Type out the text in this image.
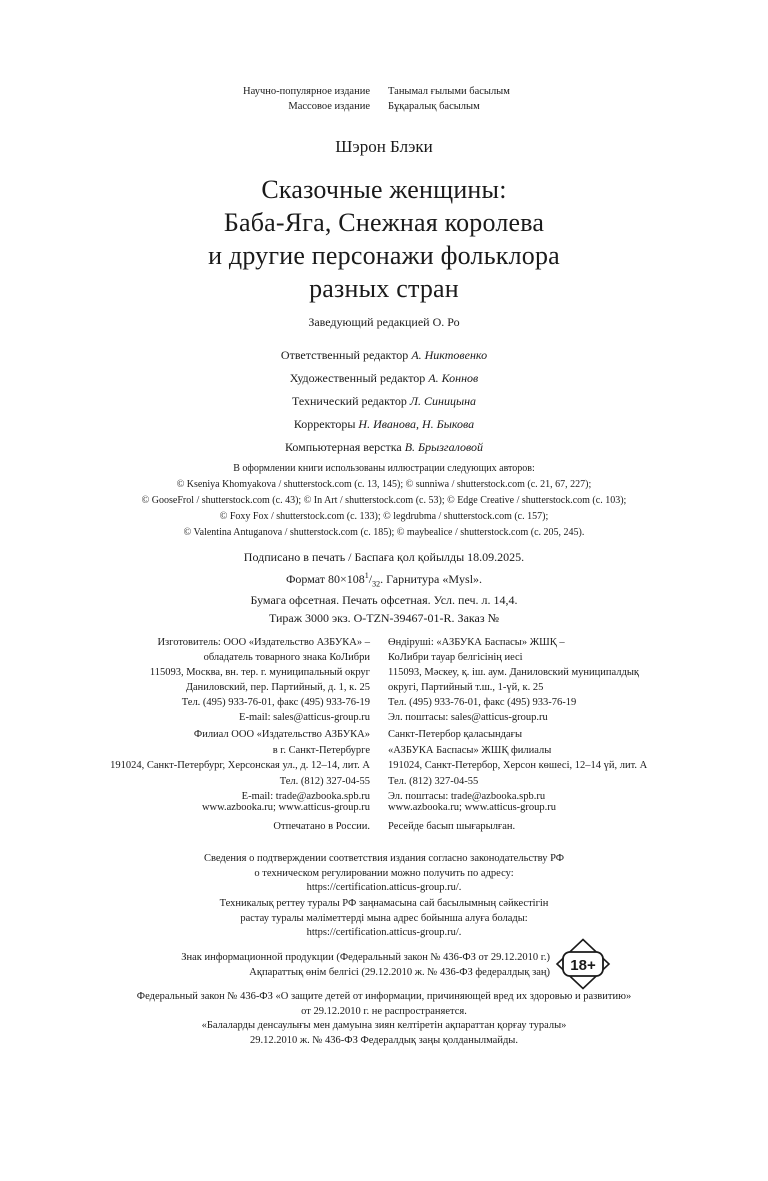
Научно-популярное издание
Массовое издание
Танымал ғылыми басылым
Бұқаралық басылым
Шэрон Блэки
Сказочные женщины:
Баба-Яга, Снежная королева
и другие персонажи фольклора
разных стран
Заведующий редакцией О. Ро
Ответственный редактор А. Никтовенко
Художественный редактор А. Коннов
Технический редактор Л. Синицына
Корректоры Н. Иванова, Н. Быкова
Компьютерная верстка В. Брызгаловой
В оформлении книги использованы иллюстрации следующих авторов:
© Kseniya Khomyakova / shutterstock.com (с. 13, 145); © sunniwa / shutterstock.com (с. 21, 67, 227);
© GooseFrol / shutterstock.com (с. 43); © In Art / shutterstock.com (с. 53); © Edge Creative / shutterstock.com (с. 103);
© Foxy Fox / shutterstock.com (с. 133); © legdrubma / shutterstock.com (с. 157);
© Valentina Antuganova / shutterstock.com (с. 185); © maybealice / shutterstock.com (с. 205, 245).
Подписано в печать / Баспаға қол қойылды 18.09.2025.
Формат $80\times 108^1/_{32}$. Гарнитура «Mysl».
Бумага офсетная. Печать офсетная. Усл. печ. л. 14,4.
Тираж 3000 экз. O-TZN-39467-01-R. Заказ №
Изготовитель: ООО «Издательство АЗБУКА» –
обладатель товарного знака КоЛибри
115093, Москва, вн. тер. г. муниципальный округ
Даниловский, пер. Партийный, д. 1, к. 25
Тел. (495) 933-76-01, факс (495) 933-76-19
E-mail: sales@atticus-group.ru
Өндіруші: «АЗБУКА Баспасы» ЖШҚ –
КоЛибри тауар белгісінің иесі
115093, Мәскеу, қ. іш. аум. Даниловский муниципалдық
округі, Партийный т.ш., 1-үй, к. 25
Тел. (495) 933-76-01, факс (495) 933-76-19
Эл. поштасы: sales@atticus-group.ru
Филиал ООО «Издательство АЗБУКА»
в г. Санкт-Петербурге
191024, Санкт-Петербург, Херсонская ул., д. 12–14, лит. А
Тел. (812) 327-04-55
E-mail: trade@azbooka.spb.ru
Санкт-Петербор қаласындағы
«АЗБУКА Баспасы» ЖШҚ филиалы
191024, Санкт-Петербор, Херсон көшесі, 12–14 үй, лит. А
Тел. (812) 327-04-55
Эл. поштасы: trade@azbooka.spb.ru
www.azbooka.ru; www.atticus-group.ru www.azbooka.ru; www.atticus-group.ru
Отпечатано в России. Ресейде басып шығарылған.
Сведения о подтверждении соответствия издания согласно законодательству РФ
о техническом регулировании можно получить по адресу:
https://certification.atticus-group.ru/.
Техникалық реттеу туралы РФ заңнамасына сай басылымның сәйкестігін
растау туралы мәліметтерді мына адрес бойынша алуға болады:
https://certification.atticus-group.ru/.
Знак информационной продукции (Федеральный закон № 436-ФЗ от 29.12.2010 г.)
Ақпараттық өнім белгісі (29.12.2010 ж. № 436-ФЗ федералдық заң) 18+
Федеральный закон № 436-ФЗ «О защите детей от информации, причиняющей вред их здоровью и развитию»
от 29.12.2010 г. не распространяется.
«Балаларды денсаулығы мен дамуына зиян келтіретін ақпараттан қорғау туралы»
29.12.2010 ж. № 436-ФЗ Федералдық заңы қолданылмайды.
